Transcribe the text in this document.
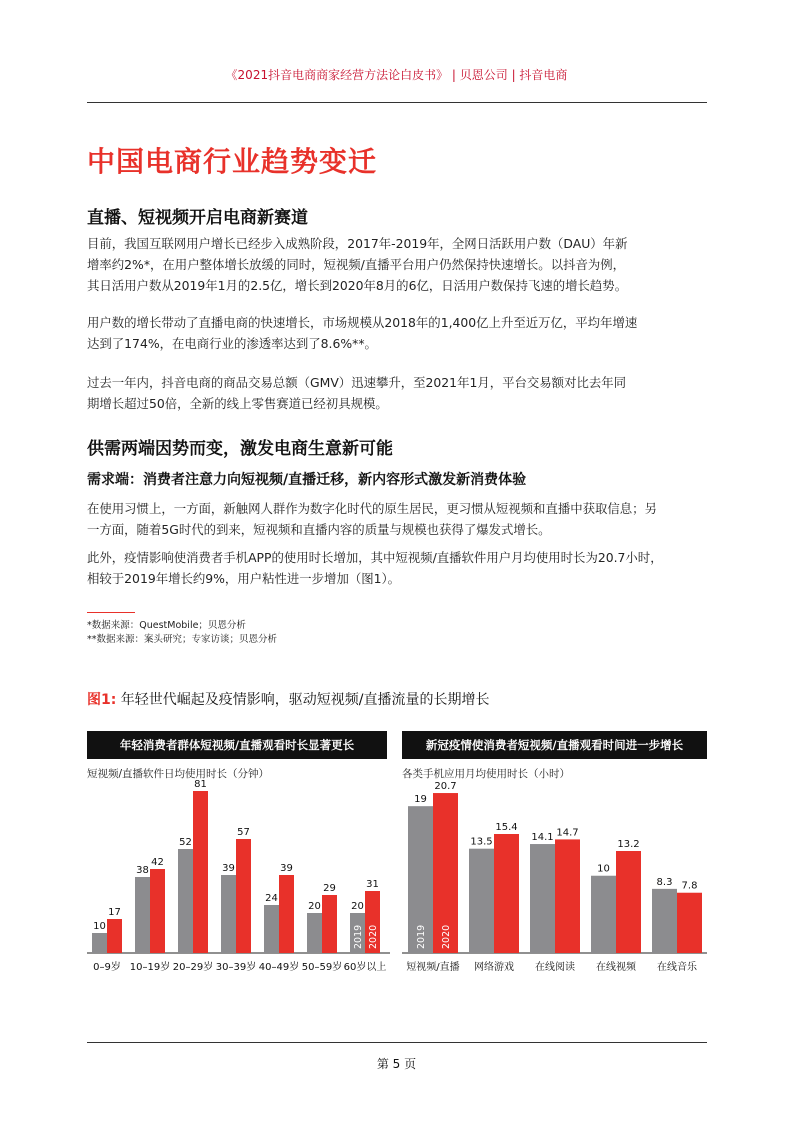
《2021抖音电商商家经营方法论白皮书》 | 贝恩公司 | 抖音电商
中国电商行业趋势变迁
直播、短视频开启电商新赛道
目前，我国互联网用户增长已经步入成熟阶段，2017年-2019年，全网日活跃用户数（DAU）年新
增率约2%*，在用户整体增长放缓的同时，短视频/直播平台用户仍然保持快速增长。以抖音为例，
其日活用户数从2019年1月的2.5亿，增长到2020年8月的6亿，日活用户数保持飞速的增长趋势。
用户数的增长带动了直播电商的快速增长，市场规模从2018年的1,400亿上升至近万亿，平均年增速
达到了174%，在电商行业的渗透率达到了8.6%**。
过去一年内，抖音电商的商品交易总额（GMV）迅速攀升，至2021年1月，平台交易额对比去年同
期增长超过50倍，全新的线上零售赛道已经初具规模。
供需两端因势而变，激发电商生意新可能
需求端：消费者注意力向短视频/直播迁移，新内容形式激发新消费体验
在使用习惯上，一方面，新触网人群作为数字化时代的原生居民，更习惯从短视频和直播中获取信息；另
一方面，随着5G时代的到来，短视频和直播内容的质量与规模也获得了爆发式增长。
此外，疫情影响使消费者手机APP的使用时长增加，其中短视频/直播软件用户月均使用时长为20.7小时，
相较于2019年增长约9%，用户粘性进一步增加（图1）。
*数据来源：QuestMobile；贝恩分析
**数据来源：案头研究；专家访谈；贝恩分析
图1: 年轻世代崛起及疫情影响，驱动短视频/直播流量的长期增长
年轻消费者群体短视频/直播观看时长显著更长
短视频/直播软件日均使用时长（分钟）
10
17
0–9岁
38
42
10–19岁
52
81
20–29岁
39
57
30–39岁
24
39
40–49岁
20
29
50–59岁
20
2019
31
2020
60岁以上
新冠疫情使消费者短视频/直播观看时间进一步增长
各类手机应用月均使用时长（小时）
19
2019
20.7
2020
短视频/直播
13.5
15.4
网络游戏
14.1 14.7
在线阅读
10
13.2
在线视频
8.3 7.8
在线音乐
第 5 页
